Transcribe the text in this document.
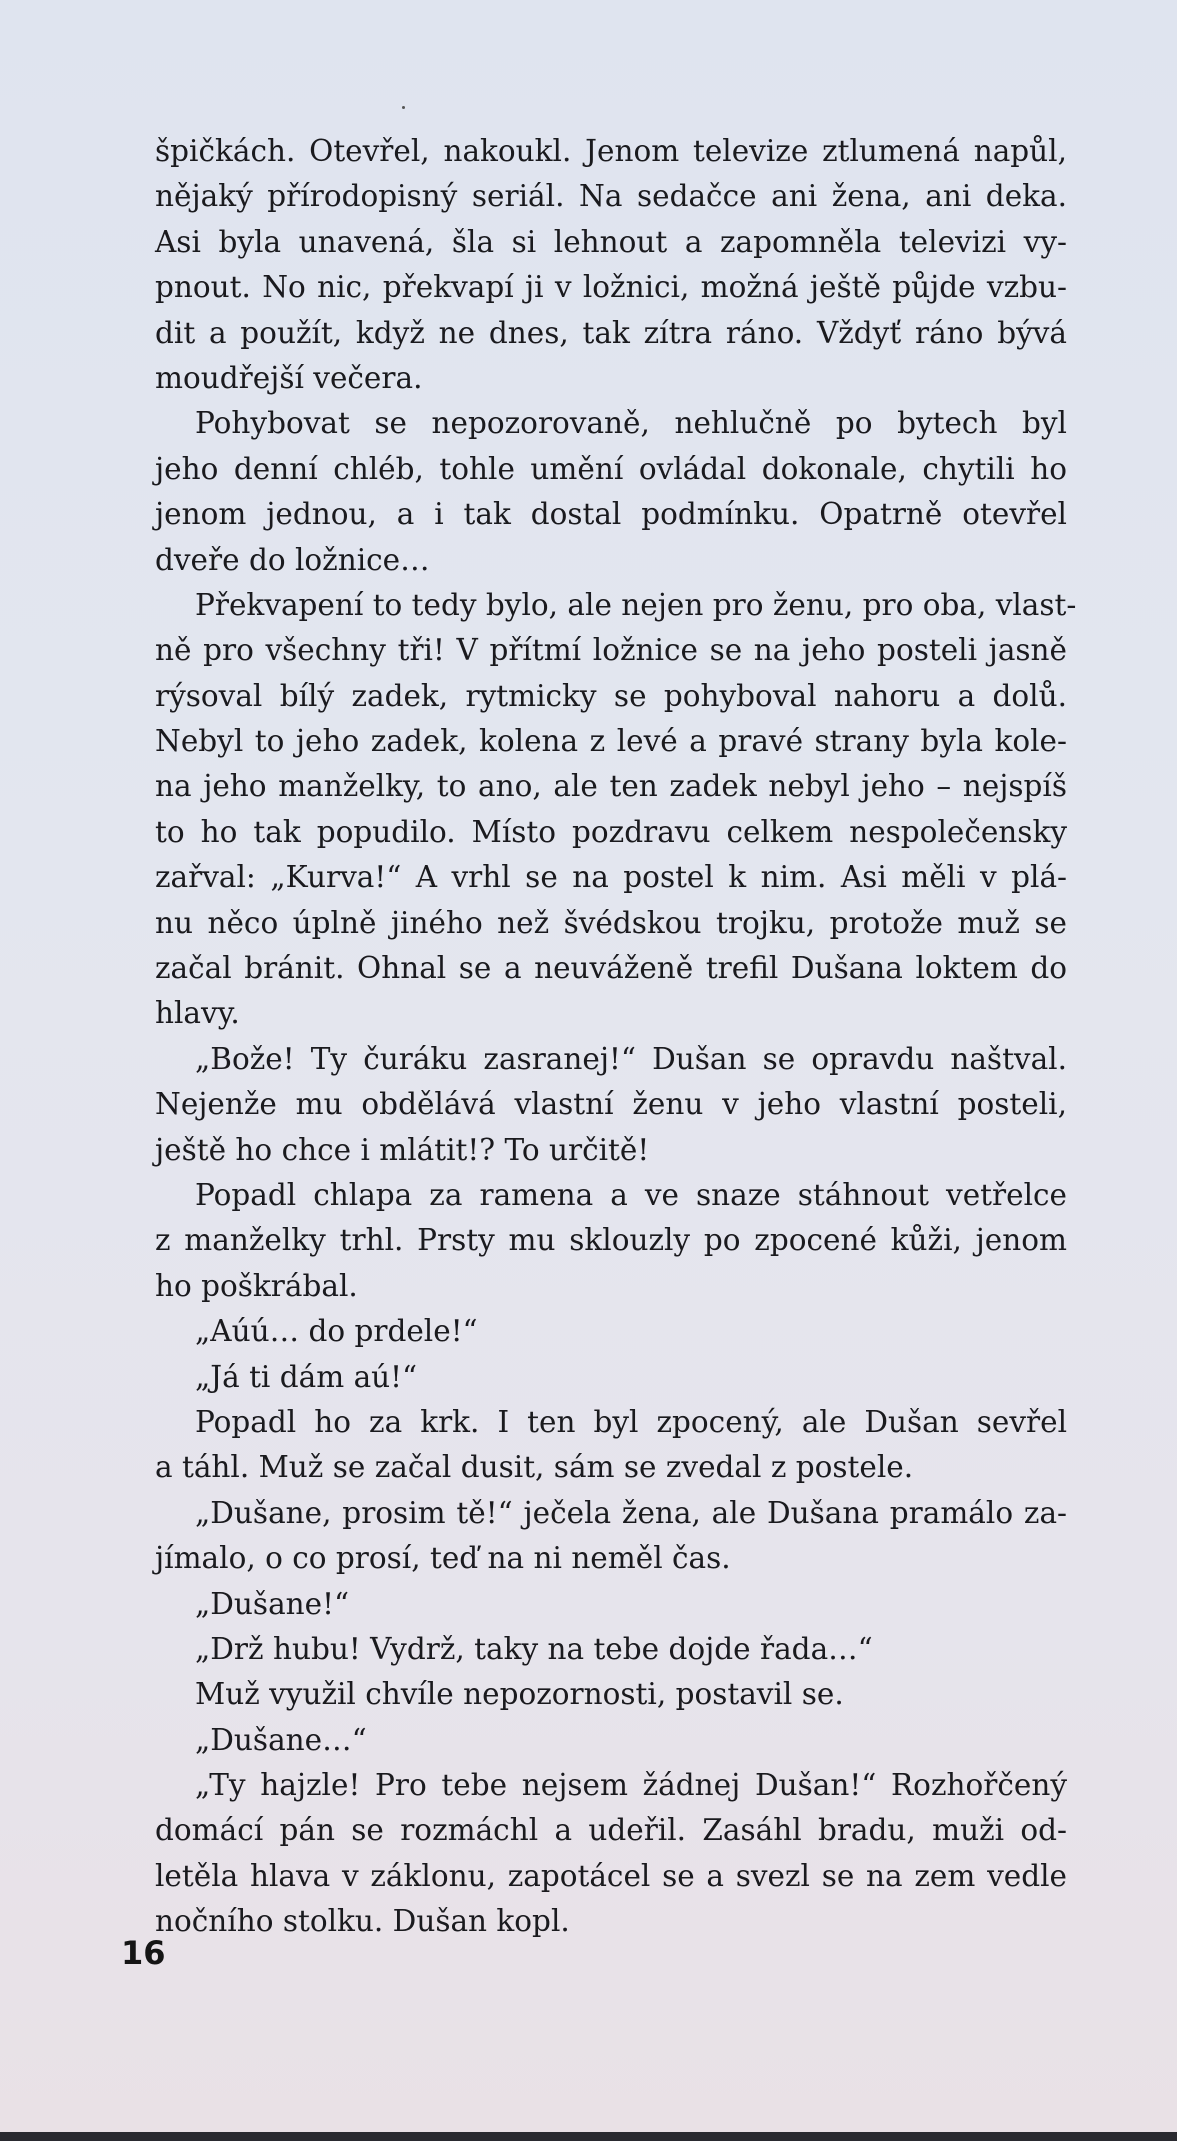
špičkách. Otevřel, nakoukl. Jenom televize ztlumená napůl,
nějaký přírodopisný seriál. Na sedačce ani žena, ani deka.
Asi byla unavená, šla si lehnout a zapomněla televizi vy-
pnout. No nic, překvapí ji v ložnici, možná ještě půjde vzbu-
dit a použít, když ne dnes, tak zítra ráno. Vždyť ráno bývá
moudřejší večera.
Pohybovat se nepozorovaně, nehlučně po bytech byl
jeho denní chléb, tohle umění ovládal dokonale, chytili ho
jenom jednou, a i tak dostal podmínku. Opatrně otevřel
dveře do ložnice…
Překvapení to tedy bylo, ale nejen pro ženu, pro oba, vlast-
ně pro všechny tři! V přítmí ložnice se na jeho posteli jasně
rýsoval bílý zadek, rytmicky se pohyboval nahoru a dolů.
Nebyl to jeho zadek, kolena z levé a pravé strany byla kole-
na jeho manželky, to ano, ale ten zadek nebyl jeho – nejspíš
to ho tak popudilo. Místo pozdravu celkem nespolečensky
zařval: „Kurva!“ A vrhl se na postel k nim. Asi měli v plá-
nu něco úplně jiného než švédskou trojku, protože muž se
začal bránit. Ohnal se a neuváženě trefil Dušana loktem do
hlavy.
„Bože! Ty čuráku zasranej!“ Dušan se opravdu naštval.
Nejenže mu obdělává vlastní ženu v jeho vlastní posteli,
ještě ho chce i mlátit!? To určitě!
Popadl chlapa za ramena a ve snaze stáhnout vetřelce
z manželky trhl. Prsty mu sklouzly po zpocené kůži, jenom
ho poškrábal.
„Aúú… do prdele!“
„Já ti dám aú!“
Popadl ho za krk. I ten byl zpocený, ale Dušan sevřel
a táhl. Muž se začal dusit, sám se zvedal z postele.
„Dušane, prosim tě!“ ječela žena, ale Dušana pramálo za-
jímalo, o co prosí, teď na ni neměl čas.
„Dušane!“
„Drž hubu! Vydrž, taky na tebe dojde řada…“
Muž využil chvíle nepozornosti, postavil se.
„Dušane…“
„Ty hajzle! Pro tebe nejsem žádnej Dušan!“ Rozhořčený
domácí pán se rozmáchl a udeřil. Zasáhl bradu, muži od-
letěla hlava v záklonu, zapotácel se a svezl se na zem vedle
nočního stolku. Dušan kopl.
16
